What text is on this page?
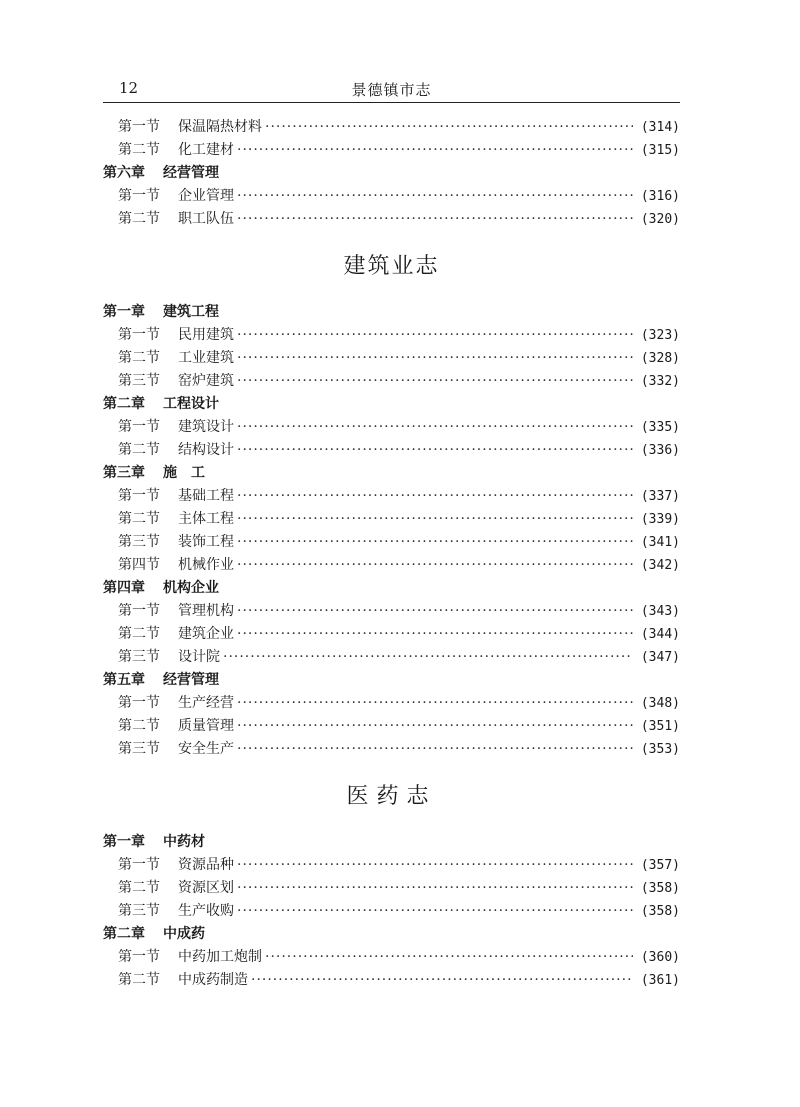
12	景德镇市志
第一节	保温隔热材料 ·····	(314)
第二节	化工建材 ·····	(315)
第六章	经营管理
第一节	企业管理 ·····	(316)
第二节	职工队伍 ·····	(320)
建筑业志
第一章	建筑工程
第一节	民用建筑 ·····	(323)
第二节	工业建筑 ·····	(328)
第三节	窑炉建筑 ·····	(332)
第二章	工程设计
第一节	建筑设计 ·····	(335)
第二节	结构设计 ·····	(336)
第三章	施　工
第一节	基础工程 ·····	(337)
第二节	主体工程 ·····	(339)
第三节	装饰工程 ·····	(341)
第四节	机械作业 ·····	(342)
第四章	机构企业
第一节	管理机构 ·····	(343)
第二节	建筑企业 ·····	(344)
第三节	设计院 ·····	(347)
第五章	经营管理
第一节	生产经营 ·····	(348)
第二节	质量管理 ·····	(351)
第三节	安全生产 ·····	(353)
医药志
第一章	中药材
第一节	资源品种 ·····	(357)
第二节	资源区划 ·····	(358)
第三节	生产收购 ·····	(358)
第二章	中成药
第一节	中药加工炮制 ·····	(360)
第二节	中成药制造 ·····	(361)
